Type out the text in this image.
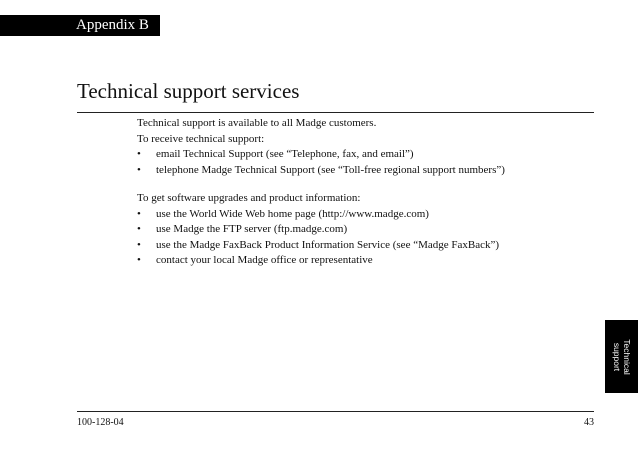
Appendix B
Technical support services

Technical support is available to all Madge customers.

To receive technical support:

• email Technical Support (see “Telephone, fax, and email”)
• telephone Madge Technical Support (see “Toll-free regional support numbers”)

To get software upgrades and product information:

• use the World Wide Web home page (http://www.madge.com)
• use Madge the FTP server (ftp.madge.com)
• use the Madge FaxBack Product Information Service (see “Madge FaxBack”)
• contact your local Madge office or representative
Technical
support
100-128-04	43
